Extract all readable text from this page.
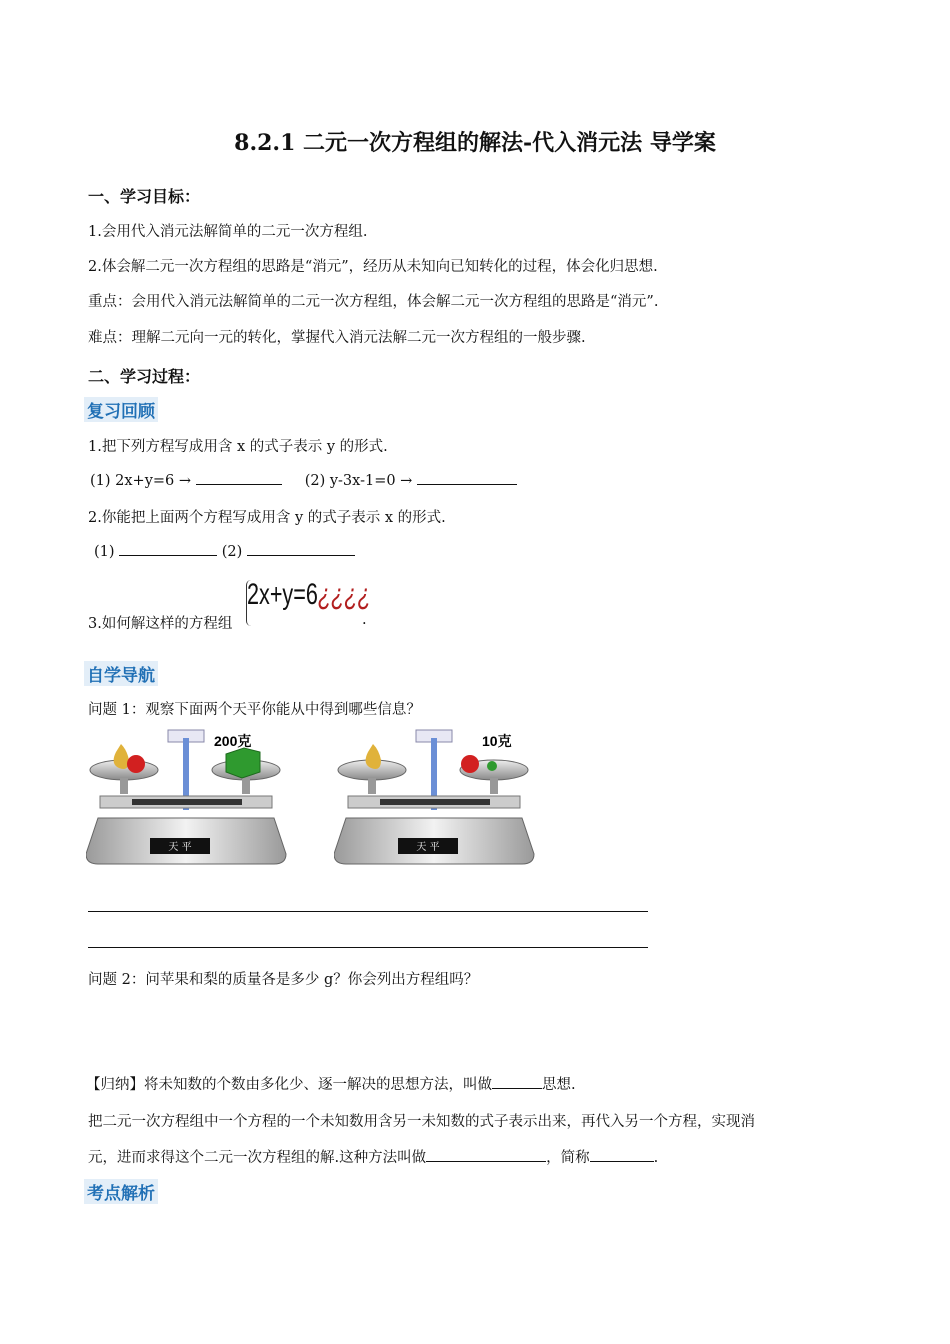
8.2.1 二元一次方程组的解法-代入消元法 导学案
一、学习目标：
1.会用代入消元法解简单的二元一次方程组.
2.体会解二元一次方程组的思路是“消元”，经历从未知向已知转化的过程，体会化归思想.
重点：会用代入消元法解简单的二元一次方程组，体会解二元一次方程组的思路是“消元”.
难点：理解二元向一元的转化，掌握代入消元法解二元一次方程组的一般步骤.
二、学习过程：
复习回顾
1.把下列方程写成用含 x 的式子表示 y 的形式.
(1) 2x+y=6 →	(2) y-3x-1=0 →
2.你能把上面两个方程写成用含 y 的式子表示 x 的形式.
(1)	(2)
3.如何解这样的方程组
2x+y=6¿¿¿¿
.
自学导航
问题 1：观察下面两个天平你能从中得到哪些信息？
200克
天 平
10克
天 平
问题 2：问苹果和梨的质量各是多少 g？你会列出方程组吗？
【归纳】将未知数的个数由多化少、逐一解决的思想方法，叫做	思想.
把二元一次方程组中一个方程的一个未知数用含另一未知数的式子表示出来，再代入另一个方程，实现消
元，进而求得这个二元一次方程组的解.这种方法叫做	，简称	.
考点解析
